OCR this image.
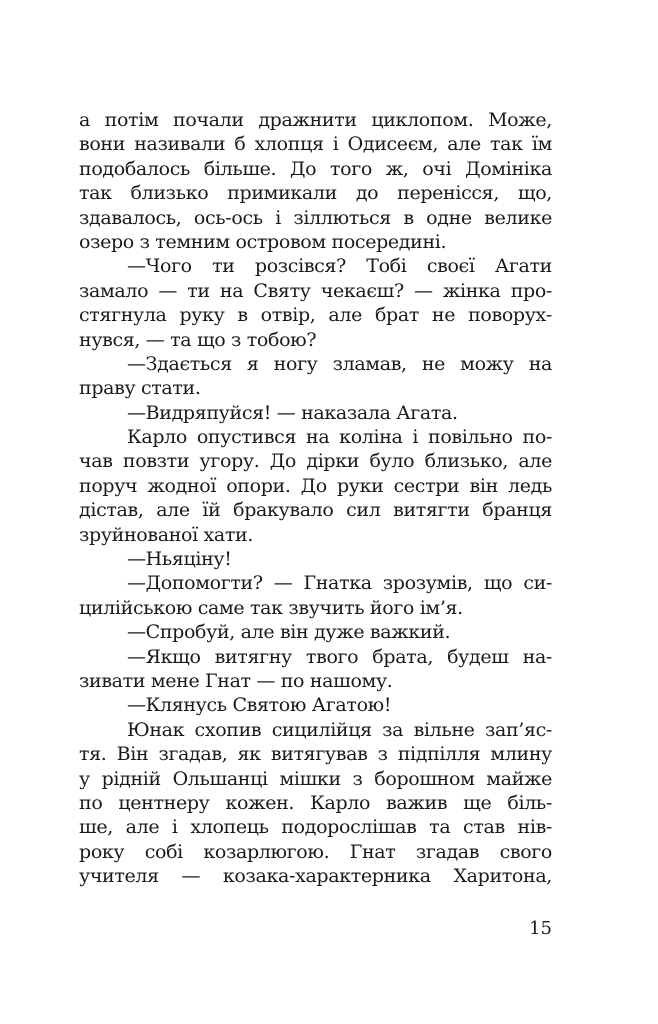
а потім почали дражнити циклопом. Може,
вони називали б хлопця і Одисеєм, але так їм
подобалось більше. До того ж, очі Домініка
так близько примикали до перенісся, що,
здавалось, ось-ось і зіллються в одне велике
озеро з темним островом посередині.
—Чого ти розсівся? Тобі своєї Агати
замало — ти на Святу чекаєш? — жінка про-
стягнула руку в отвір, але брат не поворух-
нувся, — та що з тобою?
—Здається я ногу зламав, не можу на
праву стати.
—Видряпуйся! — наказала Агата.
Карло опустився на коліна і повільно по-
чав повзти угору. До дірки було близько, але
поруч жодної опори. До руки сестри він ледь
дістав, але їй бракувало сил витягти бранця
зруйнованої хати.
—Ньяціну!
—Допомогти? — Гнатка зрозумів, що си-
цилійською саме так звучить його ім’я.
—Спробуй, але він дуже важкий.
—Якщо витягну твого брата, будеш на-
зивати мене Гнат — по нашому.
—Клянусь Святою Агатою!
Юнак схопив сицилійця за вільне зап’яс-
тя. Він згадав, як витягував з підпілля млину
у рідній Ольшанці мішки з борошном майже
по центнеру кожен. Карло важив ще біль-
ше, але і хлопець подорослішав та став нів-
року собі козарлюгою. Гнат згадав свого
учителя — козака-характерника Харитона,
15
